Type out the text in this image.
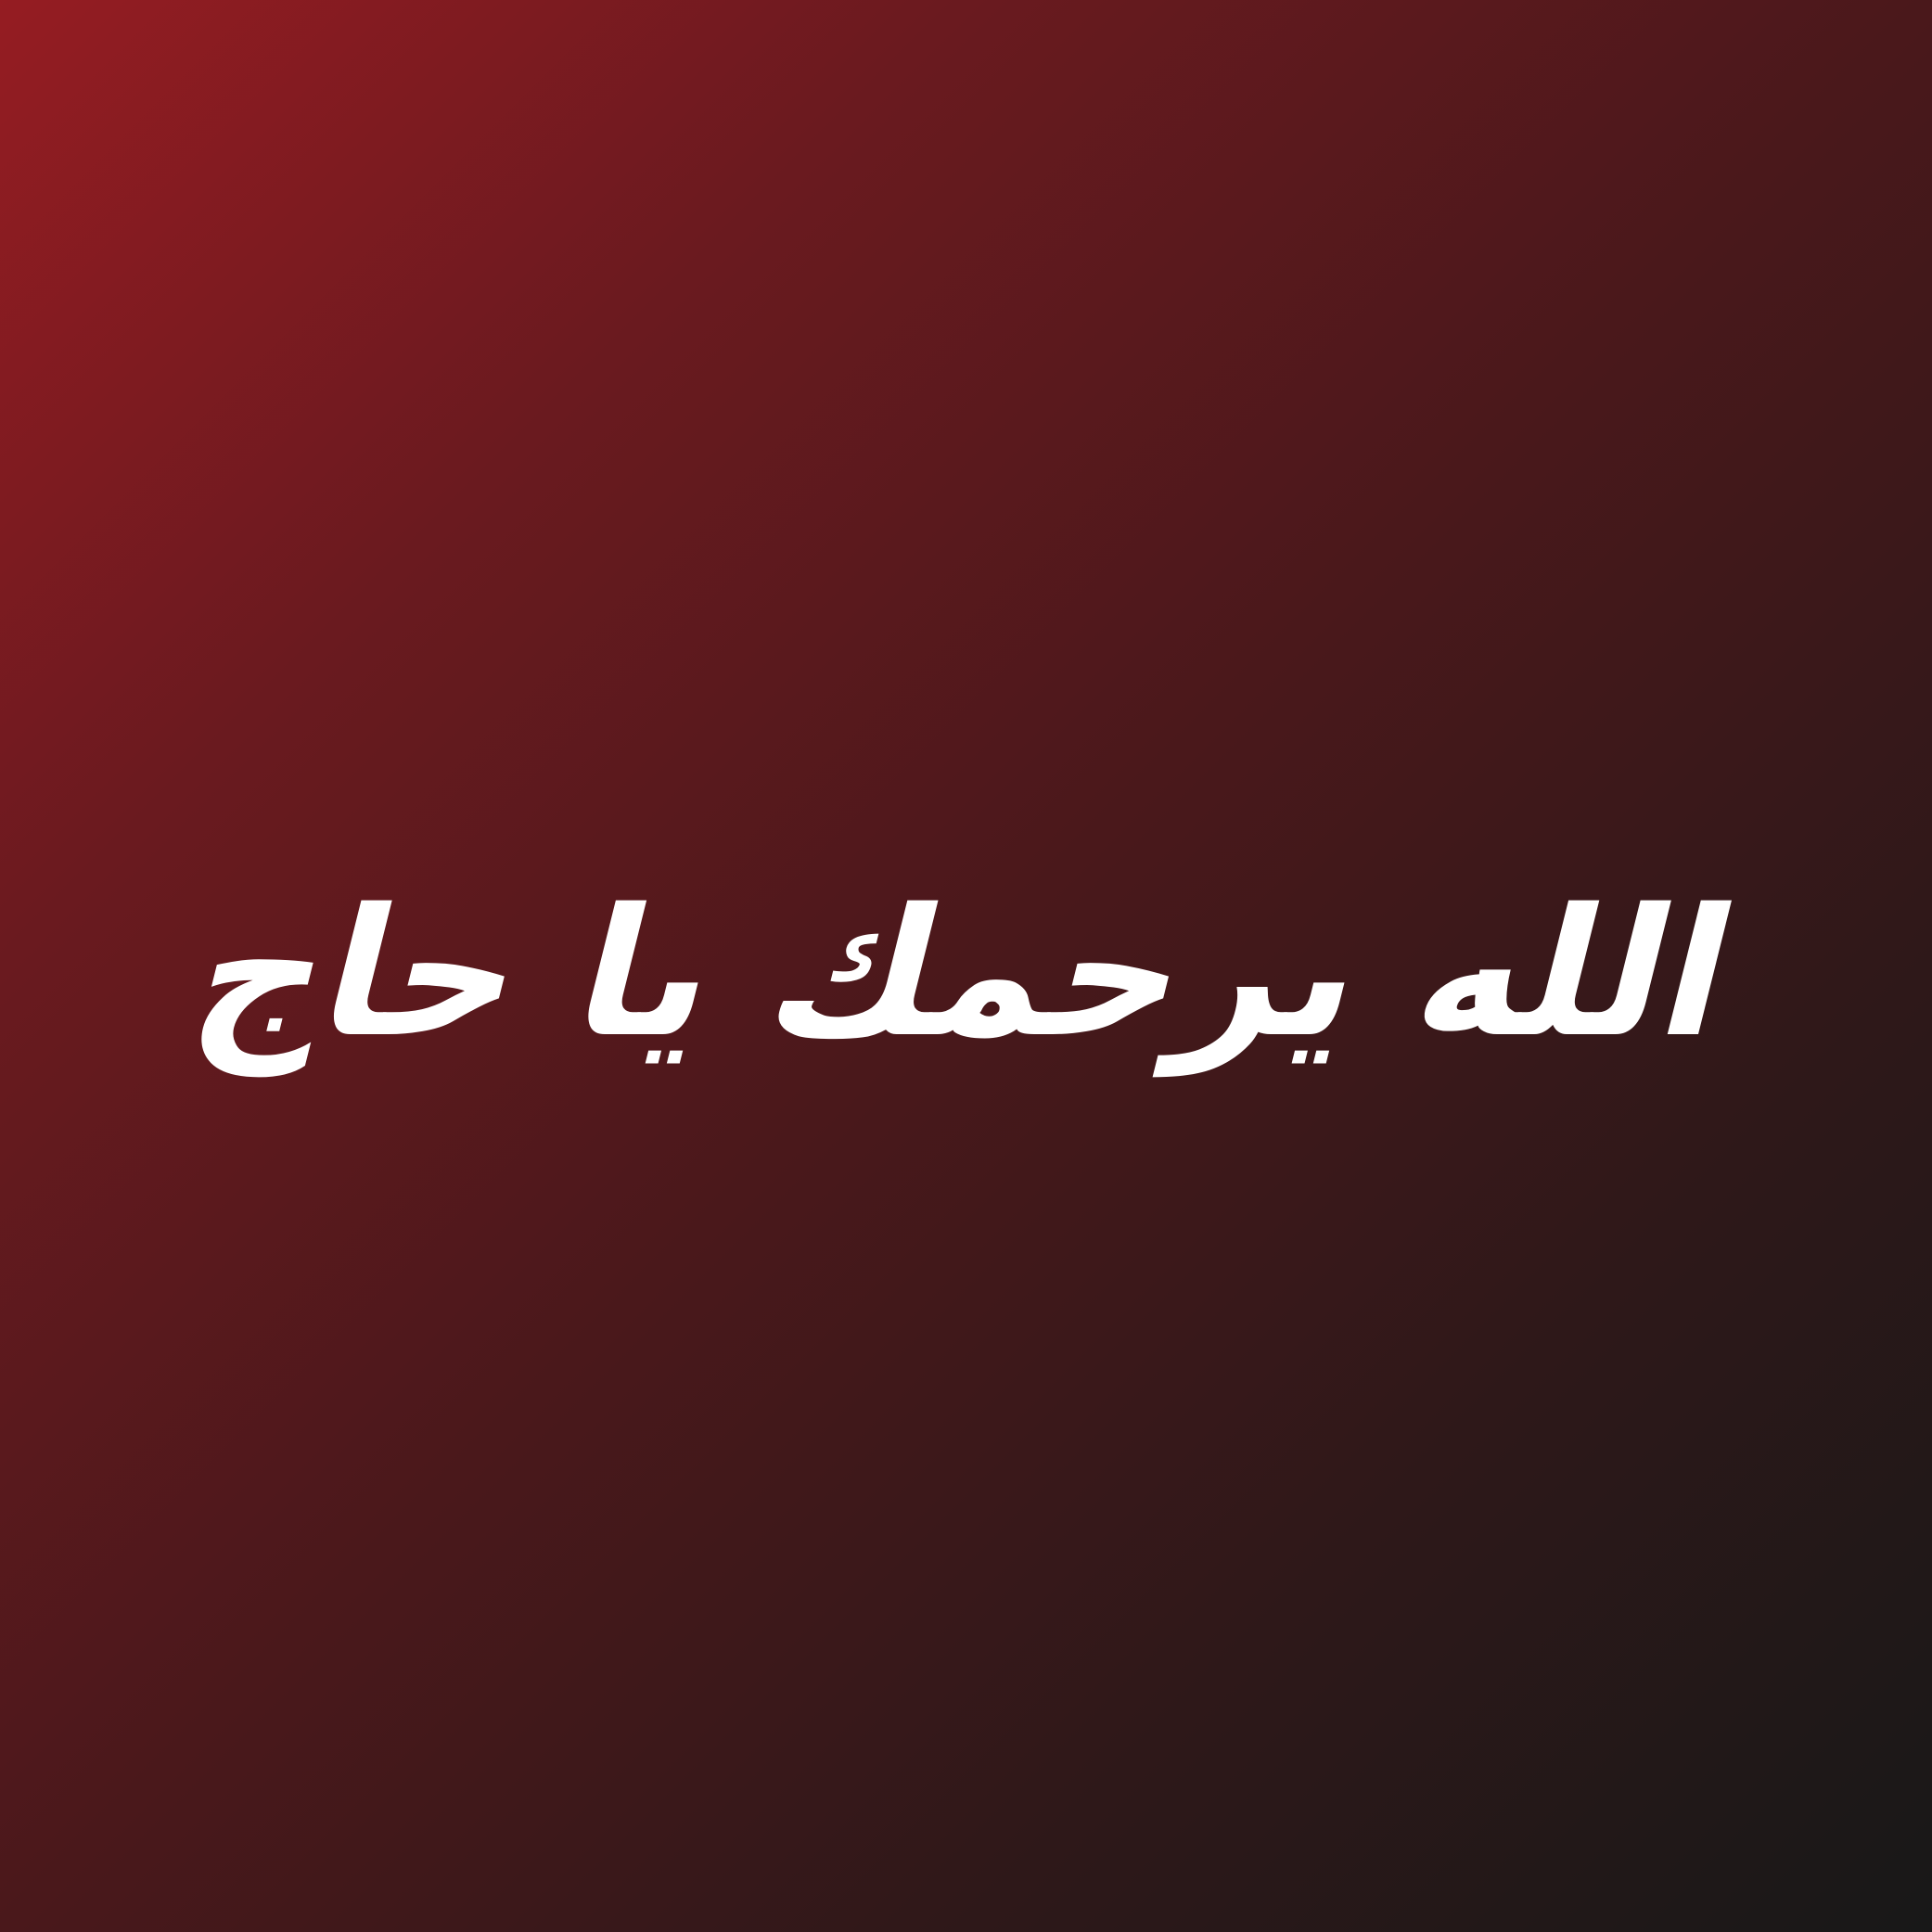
الله يرحمك يا حاج
